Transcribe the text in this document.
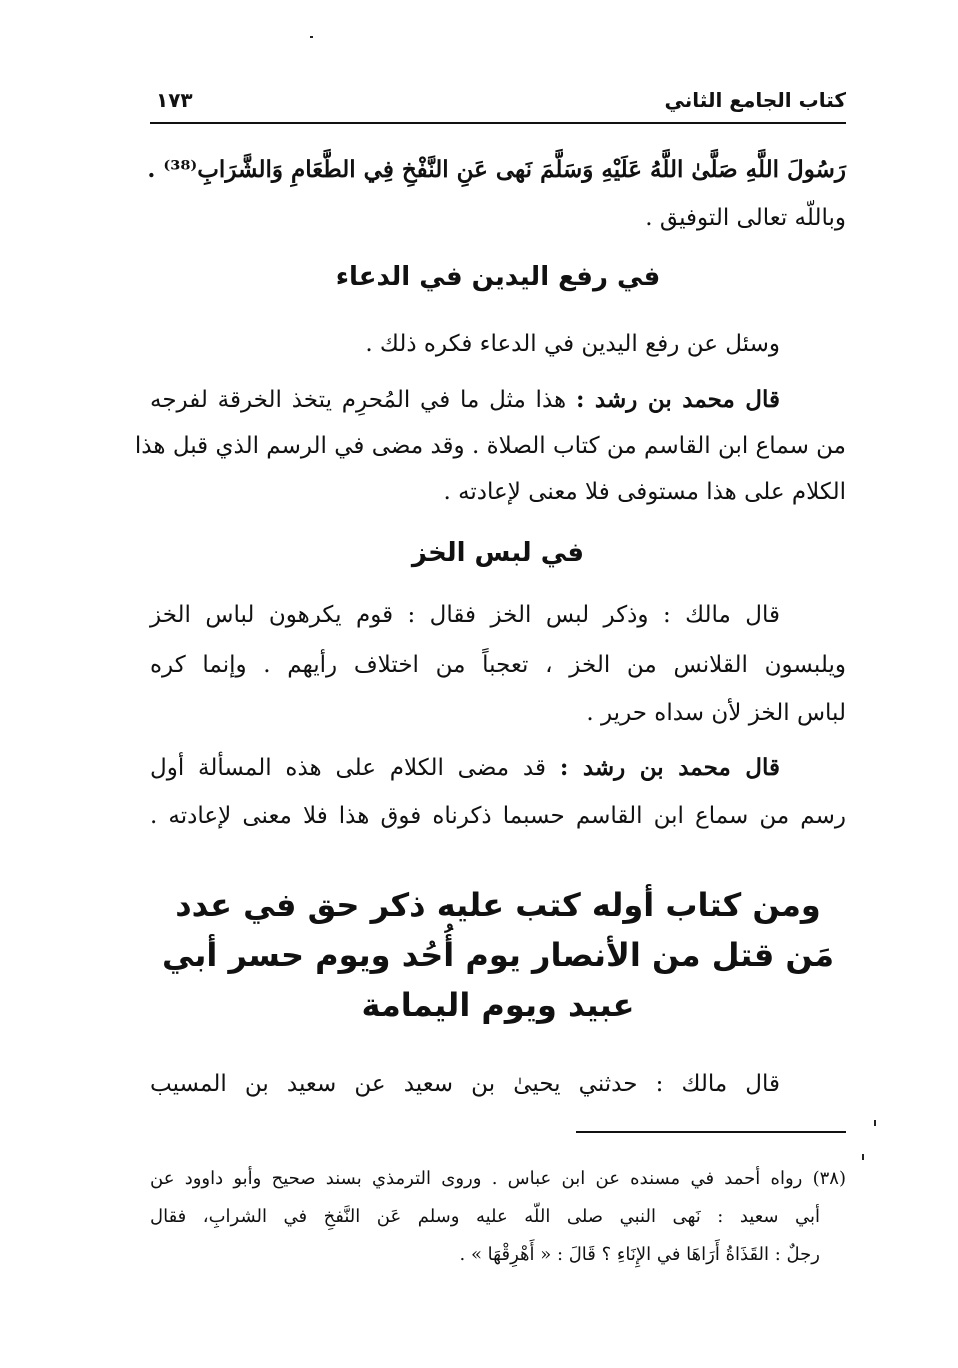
كتاب الجامع الثاني
١٧٣
رَسُولَ اللَّهِ صَلَّىٰ اللَّهُ عَلَيْهِ وَسَلَّمَ نَهى عَنِ النَّفْخِ فِي الطَّعَامِ وَالشَّرَابِ⁽³⁸⁾ .
وباللّه تعالى التوفيق .
في رفع اليدين في الدعاء
وسئل عن رفع اليدين في الدعاء فكره ذلك .
قال محمد بن رشد : هذا مثل ما في المُحرِم يتخذ الخرقة لفرجه
من سماع ابن القاسم من كتاب الصلاة . وقد مضى في الرسم الذي قبل هذا
الكلام على هذا مستوفى فلا معنى لإعادته .
في لبس الخز
قال مالك : وذكر لبس الخز فقال : قوم يكرهون لباس الخز
ويلبسون القلانس من الخز ، تعجباً من اختلاف رأيهم . وإنما كره
لباس الخز لأن سداه حرير .
قال محمد بن رشد : قد مضى الكلام على هذه المسألة أول
رسم من سماع ابن القاسم حسبما ذكرناه فوق هذا فلا معنى لإعادته .
ومن كتاب أوله كتب عليه ذكر حق في عدد
مَن قتل من الأنصار يوم أُحُد ويوم حسر أبي
عبيد ويوم اليمامة
قال مالك : حدثني يحيىٰ بن سعيد عن سعيد بن المسيب
(٣٨) رواه أحمد في مسنده عن ابن عباس . وروى الترمذي بسند صحيح وأبو داوود عن
أبي سعيد : نَهى النبي صلى اللّه عليه وسلم عَن النَّفخِ في الشرابِ، فقال
رجلٌ : القَذَاةُ أَرَاهَا في الإِنَاءِ ؟ قَالَ : « أَهْرِقْهَا » .
